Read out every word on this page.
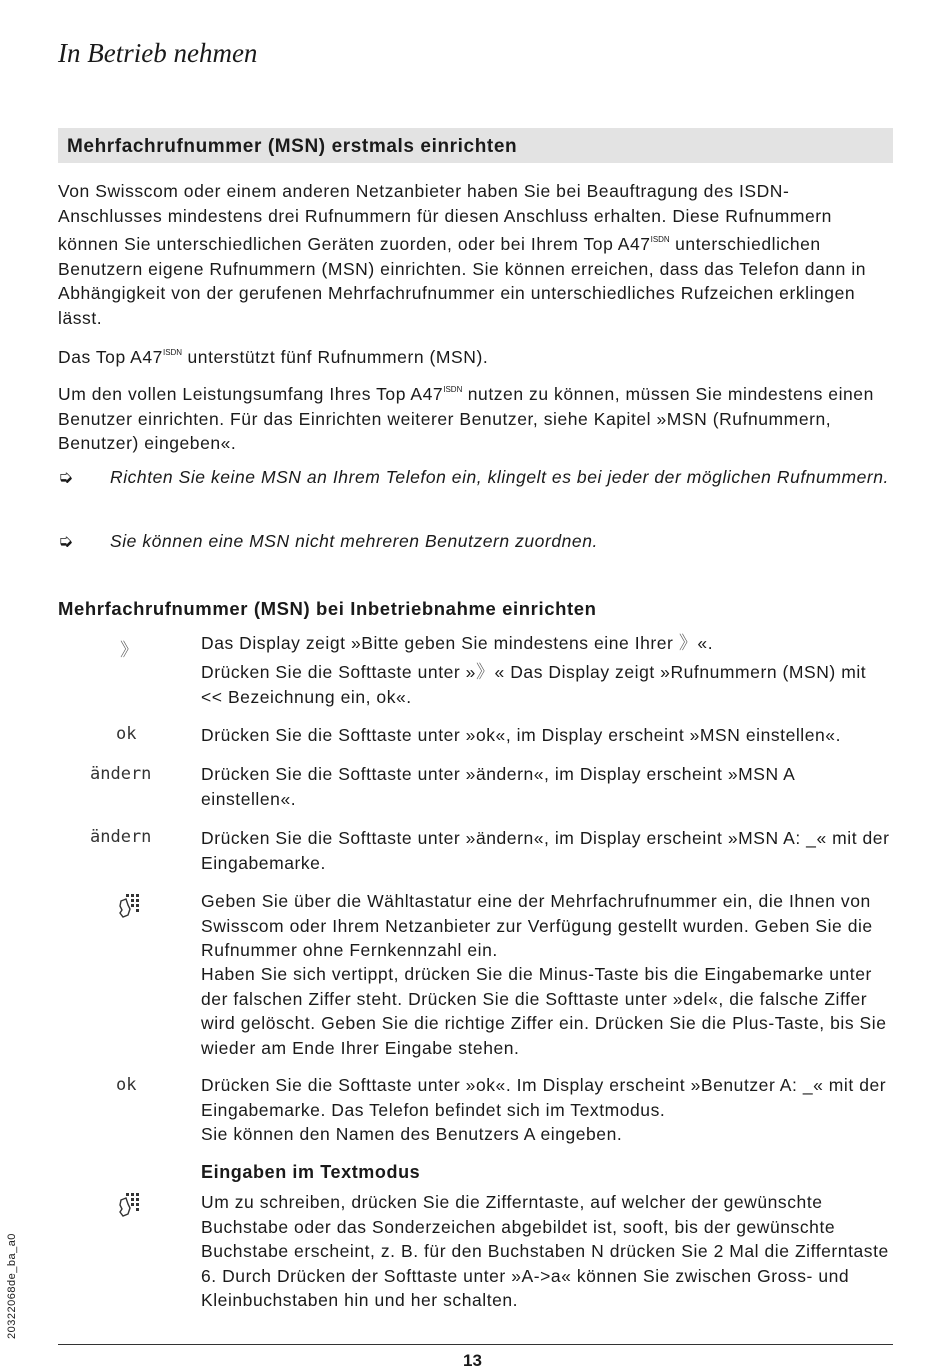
In Betrieb nehmen
Mehrfachrufnummer (MSN) erstmals einrichten

Von Swisscom oder einem anderen Netzanbieter haben Sie bei Beauftragung des ISDN-Anschlusses mindestens drei Rufnummern für diesen Anschluss erhalten. Diese Rufnummern können Sie unterschiedlichen Geräten zuorden, oder bei Ihrem Top $A47^{ISDN}$ unterschiedlichen Benutzern eigene Rufnummern (MSN) einrichten. Sie können erreichen, dass das Telefon dann in Abhängigkeit von der gerufenen Mehrfachrufnummer ein unterschiedliches Rufzeichen erklingen lässt.

Das Top $A47^{ISDN}$ unterstützt fünf Rufnummern (MSN).

Um den vollen Leistungsumfang Ihres Top $A47^{ISDN}$ nutzen zu können, müssen Sie mindestens einen Benutzer einrichten. Für das Einrichten weiterer Benutzer, siehe Kapitel »MSN (Rufnummern, Benutzer) eingeben«.

➭ Richten Sie keine MSN an Ihrem Telefon ein, klingelt es bei jeder der möglichen Rufnummern.

➭ Sie können eine MSN nicht mehreren Benutzern zuordnen.

Mehrfachrufnummer (MSN) bei Inbetriebnahme einrichten
》	Das Display zeigt »Bitte geben Sie mindestens eine Ihrer 》«.

Drücken Sie die Softtaste unter »》« Das Display zeigt »Rufnummern (MSN) mit << Bezeichnung ein, ok«.

ok	Drücken Sie die Softtaste unter »ok«, im Display erscheint »MSN einstellen«.

ändern	Drücken Sie die Softtaste unter »ändern«, im Display erscheint »MSN A einstellen«.

ändern	Drücken Sie die Softtaste unter »ändern«, im Display erscheint »MSN A: _« mit der Eingabemarke.

Geben Sie über die Wähltastatur eine der Mehrfachrufnummer ein, die Ihnen von Swisscom oder Ihrem Netzanbieter zur Verfügung gestellt wurden. Geben Sie die Rufnummer ohne Fernkennzahl ein.

Haben Sie sich vertippt, drücken Sie die Minus-Taste bis die Eingabemarke unter der falschen Ziffer steht. Drücken Sie die Softtaste unter »del«, die falsche Ziffer wird gelöscht. Geben Sie die richtige Ziffer ein. Drücken Sie die Plus-Taste, bis Sie wieder am Ende Ihrer Eingabe stehen.

ok	Drücken Sie die Softtaste unter »ok«. Im Display erscheint »Benutzer A: _« mit der Eingabemarke. Das Telefon befindet sich im Textmodus.

Sie können den Namen des Benutzers A eingeben.

Eingaben im Textmodus

Um zu schreiben, drücken Sie die Zifferntaste, auf welcher der gewünschte Buchstabe oder das Sonderzeichen abgebildet ist, sooft, bis der gewünschte Buchstabe erscheint, z. B. für den Buchstaben N drücken Sie 2 Mal die Zifferntaste 6. Durch Drücken der Softtaste unter »A->a« können Sie zwischen Gross- und Kleinbuchstaben hin und her schalten.

20322068de_ba_a0
13
